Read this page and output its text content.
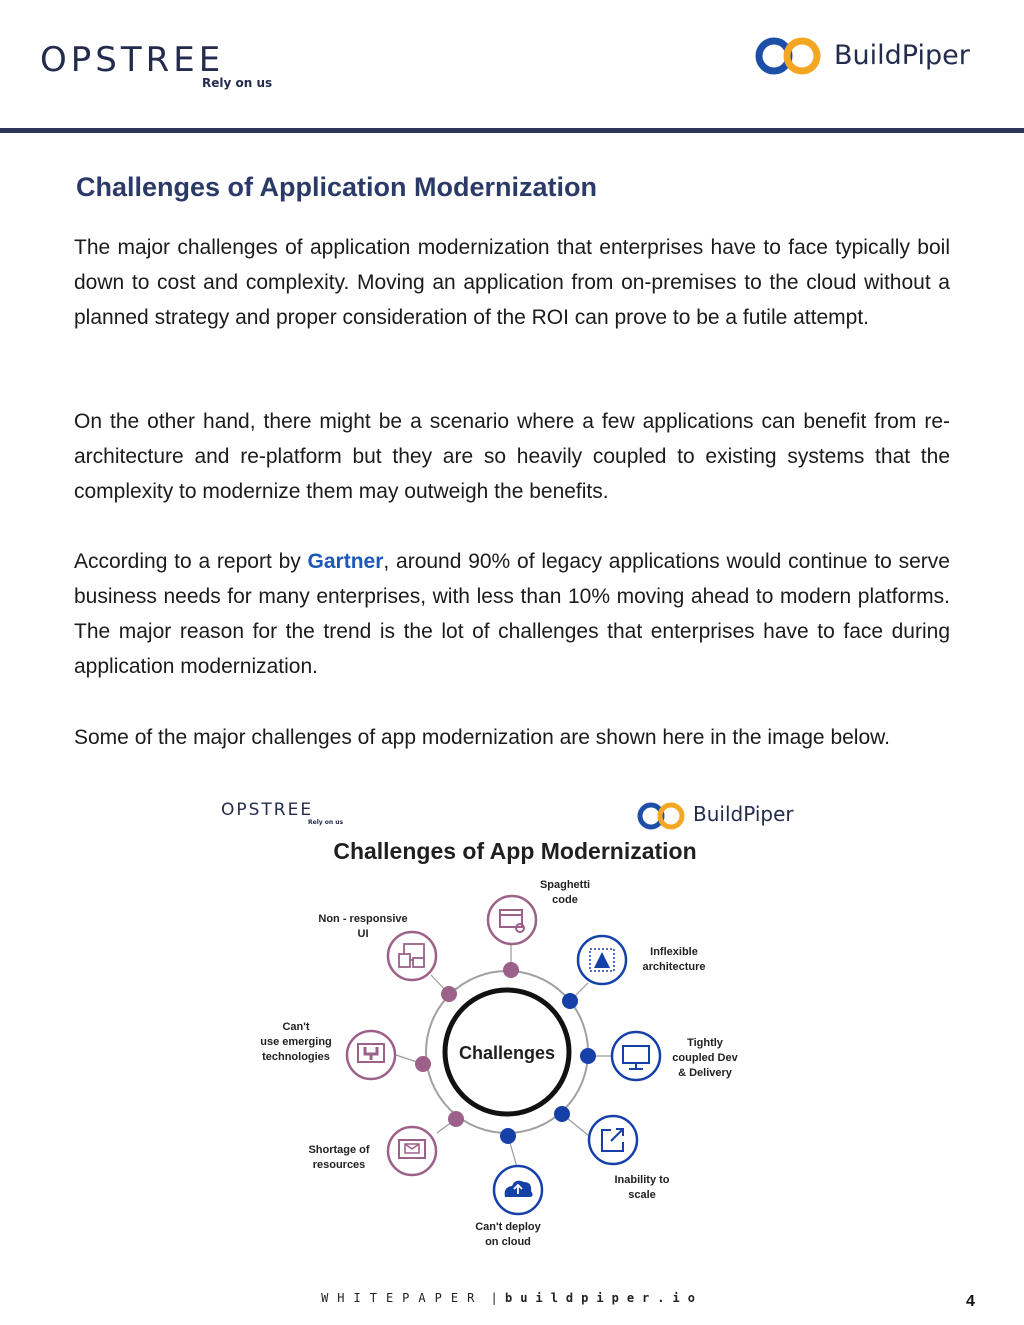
OPSTREE
Rely on us
BuildPiper
Challenges of Application Modernization

The major challenges of application modernization that enterprises have to face typically boil down to cost and complexity. Moving an application from on-premises to the cloud without a planned strategy and proper consideration of the ROI can prove to be a futile attempt.

On the other hand, there might be a scenario where a few applications can benefit from re-architecture and re-platform but they are so heavily coupled to existing systems that the complexity to modernize them may outweigh the benefits.

According to a report by Gartner, around 90% of legacy applications would continue to serve business needs for many enterprises, with less than 10% moving ahead to modern platforms. The major reason for the trend is the lot of challenges that enterprises have to face during application modernization.

Some of the major challenges of app modernization are shown here in the image below.

OPSTREE
Rely on us	BuildPiper
Challenges of App Modernization
Challenges
Spaghetti
code
Inflexible
architecture
Tightly
coupled Dev
& Delivery
Inability to
scale
Can't deploy
on cloud
Shortage of
resources
Can't
use emerging
technologies
Non - responsive
UI
WHITEPAPER | buildpiper.io	4
